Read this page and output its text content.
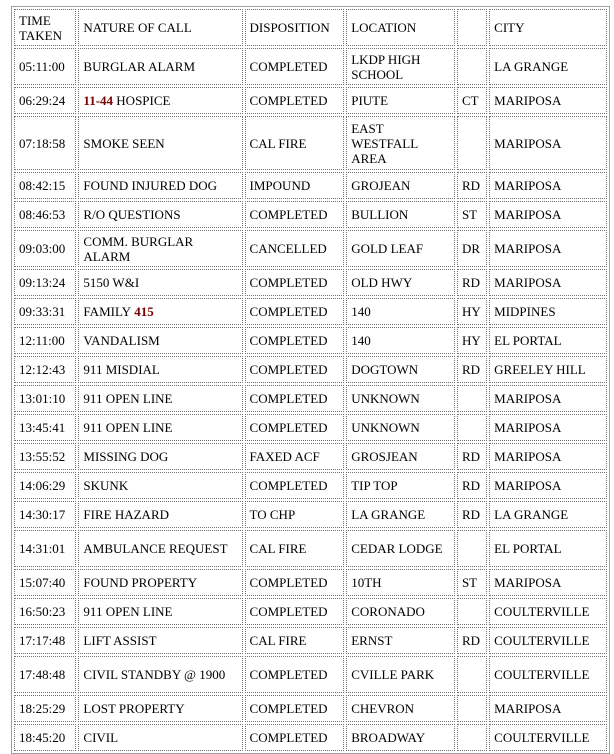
TIME TAKEN	NATURE OF CALL	DISPOSITION	LOCATION		CITY
05:11:00	BURGLAR ALARM	COMPLETED	LKDP HIGH SCHOOL		LA GRANGE
06:29:24	11-44 HOSPICE	COMPLETED	PIUTE	CT	MARIPOSA
07:18:58	SMOKE SEEN	CAL FIRE	EAST WESTFALL AREA		MARIPOSA
08:42:15	FOUND INJURED DOG	IMPOUND	GROJEAN	RD	MARIPOSA
08:46:53	R/O QUESTIONS	COMPLETED	BULLION	ST	MARIPOSA
09:03:00	COMM. BURGLAR ALARM	CANCELLED	GOLD LEAF	DR	MARIPOSA
09:13:24	5150 W&I	COMPLETED	OLD HWY	RD	MARIPOSA
09:33:31	FAMILY 415	COMPLETED	140	HY	MIDPINES
12:11:00	VANDALISM	COMPLETED	140	HY	EL PORTAL
12:12:43	911 MISDIAL	COMPLETED	DOGTOWN	RD	GREELEY HILL
13:01:10	911 OPEN LINE	COMPLETED	UNKNOWN		MARIPOSA
13:45:41	911 OPEN LINE	COMPLETED	UNKNOWN		MARIPOSA
13:55:52	MISSING DOG	FAXED ACF	GROSJEAN	RD	MARIPOSA
14:06:29	SKUNK	COMPLETED	TIP TOP	RD	MARIPOSA
14:30:17	FIRE HAZARD	TO CHP	LA GRANGE	RD	LA GRANGE
14:31:01	AMBULANCE REQUEST	CAL FIRE	CEDAR LODGE		EL PORTAL
15:07:40	FOUND PROPERTY	COMPLETED	10TH	ST	MARIPOSA
16:50:23	911 OPEN LINE	COMPLETED	CORONADO		COULTERVILLE
17:17:48	LIFT ASSIST	CAL FIRE	ERNST	RD	COULTERVILLE
17:48:48	CIVIL STANDBY @ 1900	COMPLETED	CVILLE PARK		COULTERVILLE
18:25:29	LOST PROPERTY	COMPLETED	CHEVRON		MARIPOSA
18:45:20	CIVIL	COMPLETED	BROADWAY		COULTERVILLE
